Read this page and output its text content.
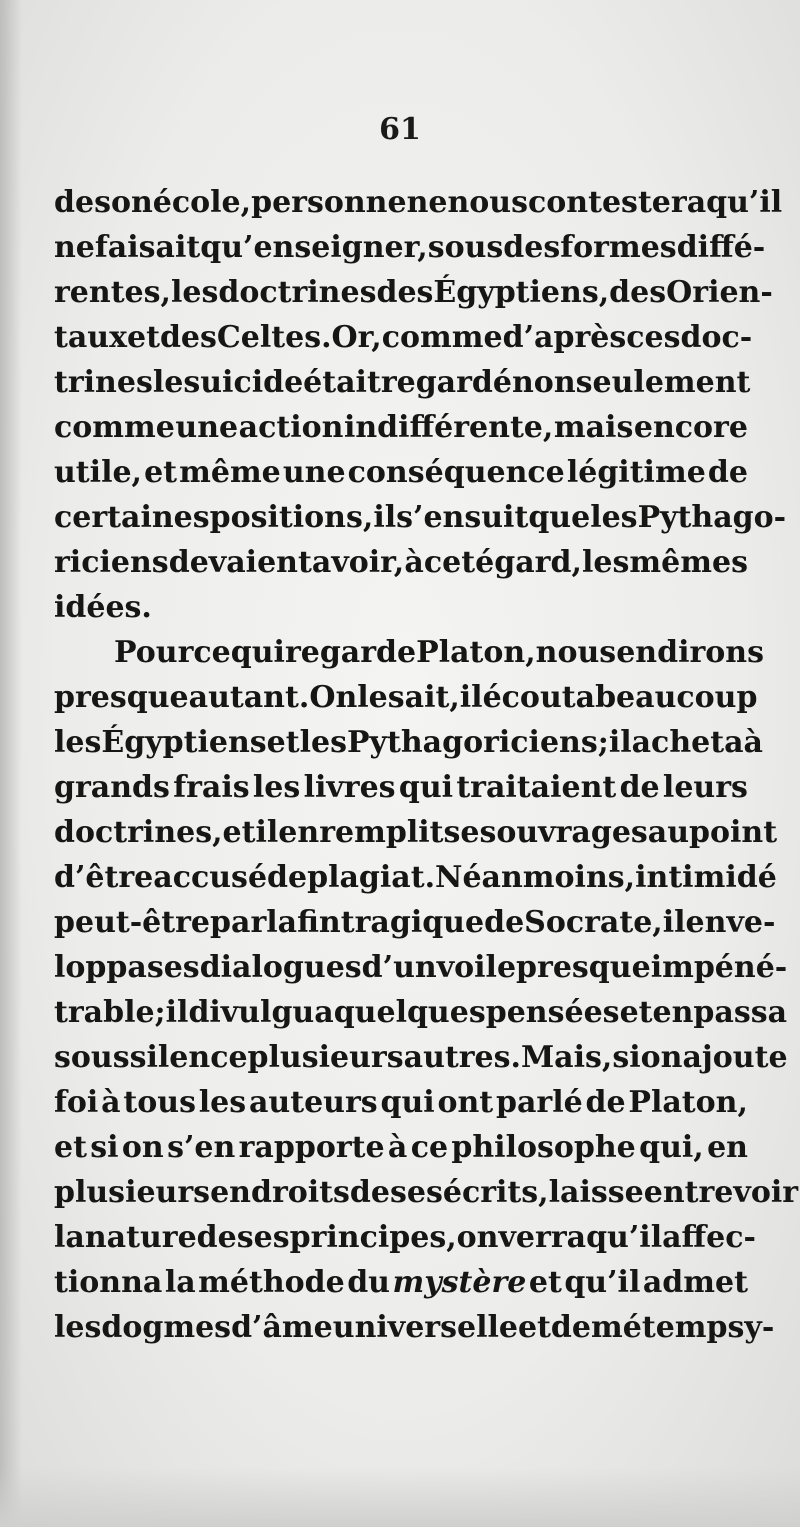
61

de son école, personne ne nous contestera qu’il
ne faisait qu’enseigner, sous des formes diffé-
rentes, les doctrines des Égyptiens, des Orien-
taux et des Celtes. Or, comme d’après ces doc-
trines le suicide était regardé non seulement
comme une action indifférente, mais encore
utile, et même une conséquence légitime de
certaines positions, il s’ensuit que les Pythago-
riciens devaient avoir, à cet égard, les mêmes
idées.
Pour ce qui regarde Platon, nous en dirons
presque autant. On le sait, il écouta beaucoup
les Égyptiens et les Pythagoriciens; il acheta à
grands frais les livres qui traitaient de leurs
doctrines, et il en remplit ses ouvrages au point
d’être accusé de plagiat. Néanmoins, intimidé
peut-être par la fin tragique de Socrate, il enve-
loppa ses dialogues d’un voile presque impéné-
trable; il divulgua quelques pensées et en passa
sous silence plusieurs autres. Mais, si on ajoute
foi à tous les auteurs qui ont parlé de Platon,
et si on s’en rapporte à ce philosophe qui, en
plusieurs endroits de ses écrits, laisse entrevoir
la nature de ses principes, on verra qu’il affec-
tionna la méthode du mystère et qu’il admet
les dogmes d’âme universelle et de métempsy-
